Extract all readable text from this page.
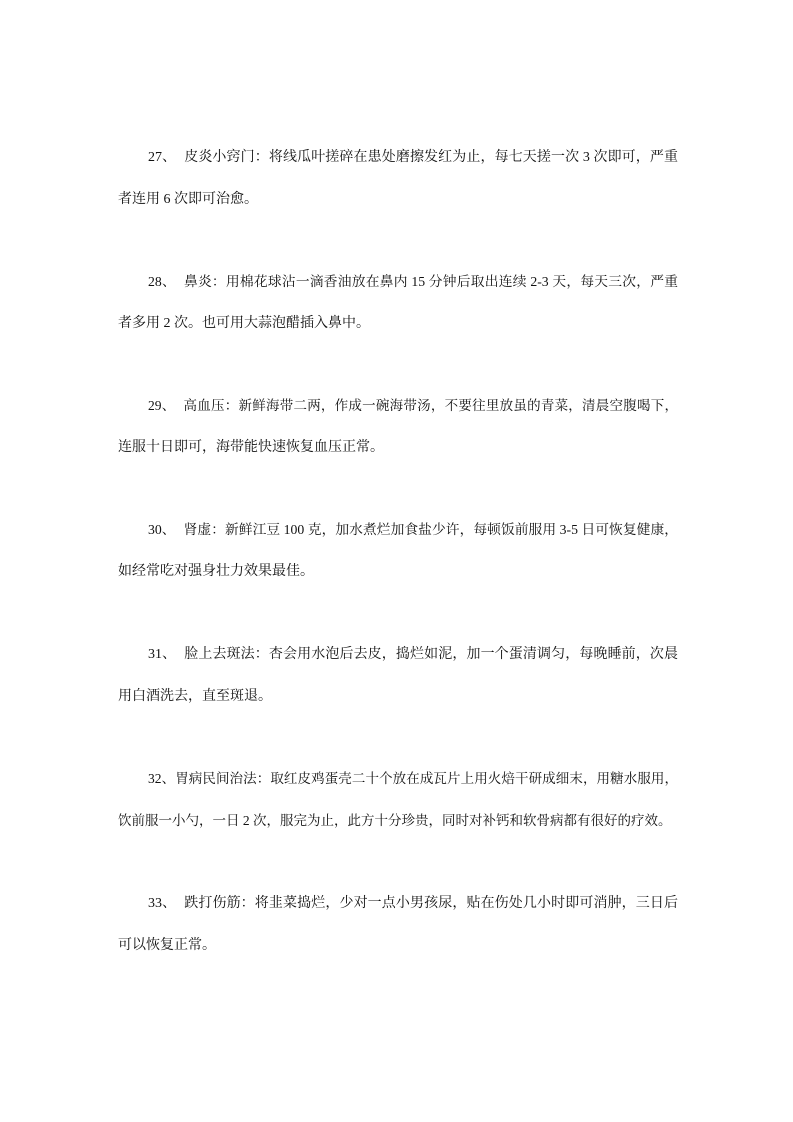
27、 皮炎小窍门：将线瓜叶搓碎在患处磨擦发红为止，每七天搓一次 3 次即可，严重
者连用 6 次即可治愈。
28、 鼻炎：用棉花球沾一滴香油放在鼻内 15 分钟后取出连续 2-3 天，每天三次，严重
者多用 2 次。也可用大蒜泡醋插入鼻中。
29、 高血压：新鲜海带二两，作成一碗海带汤，不要往里放虽的青菜，清晨空腹喝下，
连服十日即可，海带能快速恢复血压正常。
30、 肾虚：新鲜江豆 100 克，加水煮烂加食盐少许，每顿饭前服用 3-5 日可恢复健康，
如经常吃对强身壮力效果最佳。
31、 脸上去斑法：杏会用水泡后去皮，捣烂如泥，加一个蛋清调匀，每晚睡前，次晨
用白酒洗去，直至斑退。
32、胃病民间治法：取红皮鸡蛋壳二十个放在成瓦片上用火焙干研成细末，用糖水服用，
饮前服一小勺，一日 2 次，服完为止，此方十分珍贵，同时对补钙和软骨病都有很好的疗效。
33、 跌打伤筋：将韭菜捣烂，少对一点小男孩尿，贴在伤处几小时即可消肿，三日后
可以恢复正常。
